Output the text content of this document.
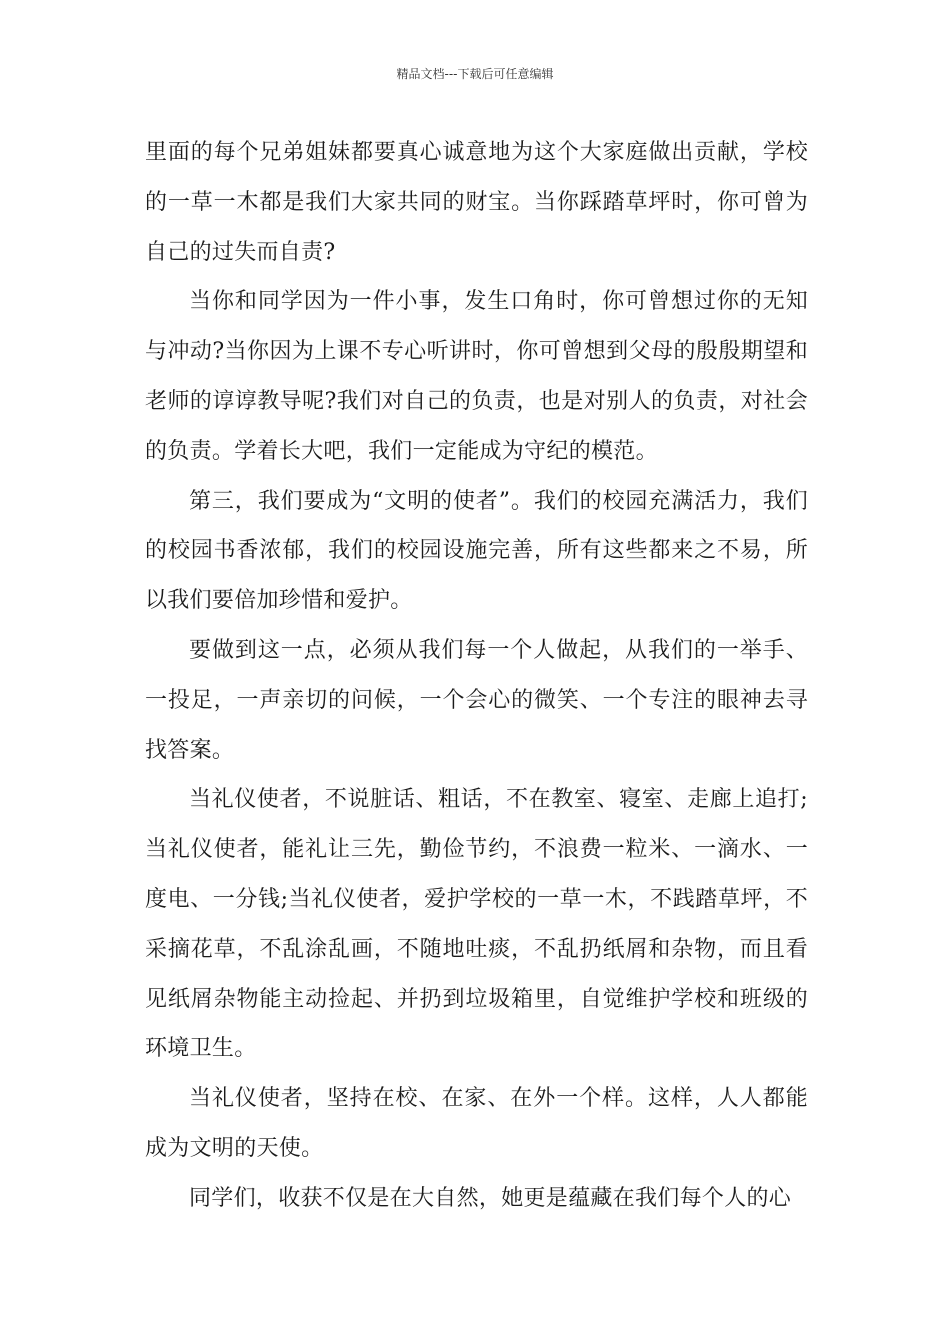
精品文档---下载后可任意编辑

里面的每个兄弟姐妹都要真心诚意地为这个大家庭做出贡献，学校的一草一木都是我们大家共同的财宝。当你踩踏草坪时，你可曾为自己的过失而自责?

当你和同学因为一件小事，发生口角时，你可曾想过你的无知与冲动?当你因为上课不专心听讲时，你可曾想到父母的殷殷期望和老师的谆谆教导呢?我们对自己的负责，也是对别人的负责，对社会的负责。学着长大吧，我们一定能成为守纪的模范。

第三，我们要成为“文明的使者”。我们的校园充满活力，我们的校园书香浓郁，我们的校园设施完善，所有这些都来之不易，所以我们要倍加珍惜和爱护。

要做到这一点，必须从我们每一个人做起，从我们的一举手、一投足，一声亲切的问候，一个会心的微笑、一个专注的眼神去寻找答案。

当礼仪使者，不说脏话、粗话，不在教室、寝室、走廊上追打;当礼仪使者，能礼让三先，勤俭节约，不浪费一粒米、一滴水、一度电、一分钱;当礼仪使者，爱护学校的一草一木，不践踏草坪，不采摘花草，不乱涂乱画，不随地吐痰，不乱扔纸屑和杂物，而且看见纸屑杂物能主动捡起、并扔到垃圾箱里，自觉维护学校和班级的环境卫生。

当礼仪使者，坚持在校、在家、在外一个样。这样，人人都能成为文明的天使。

同学们，收获不仅是在大自然，她更是蕴藏在我们每个人的心
